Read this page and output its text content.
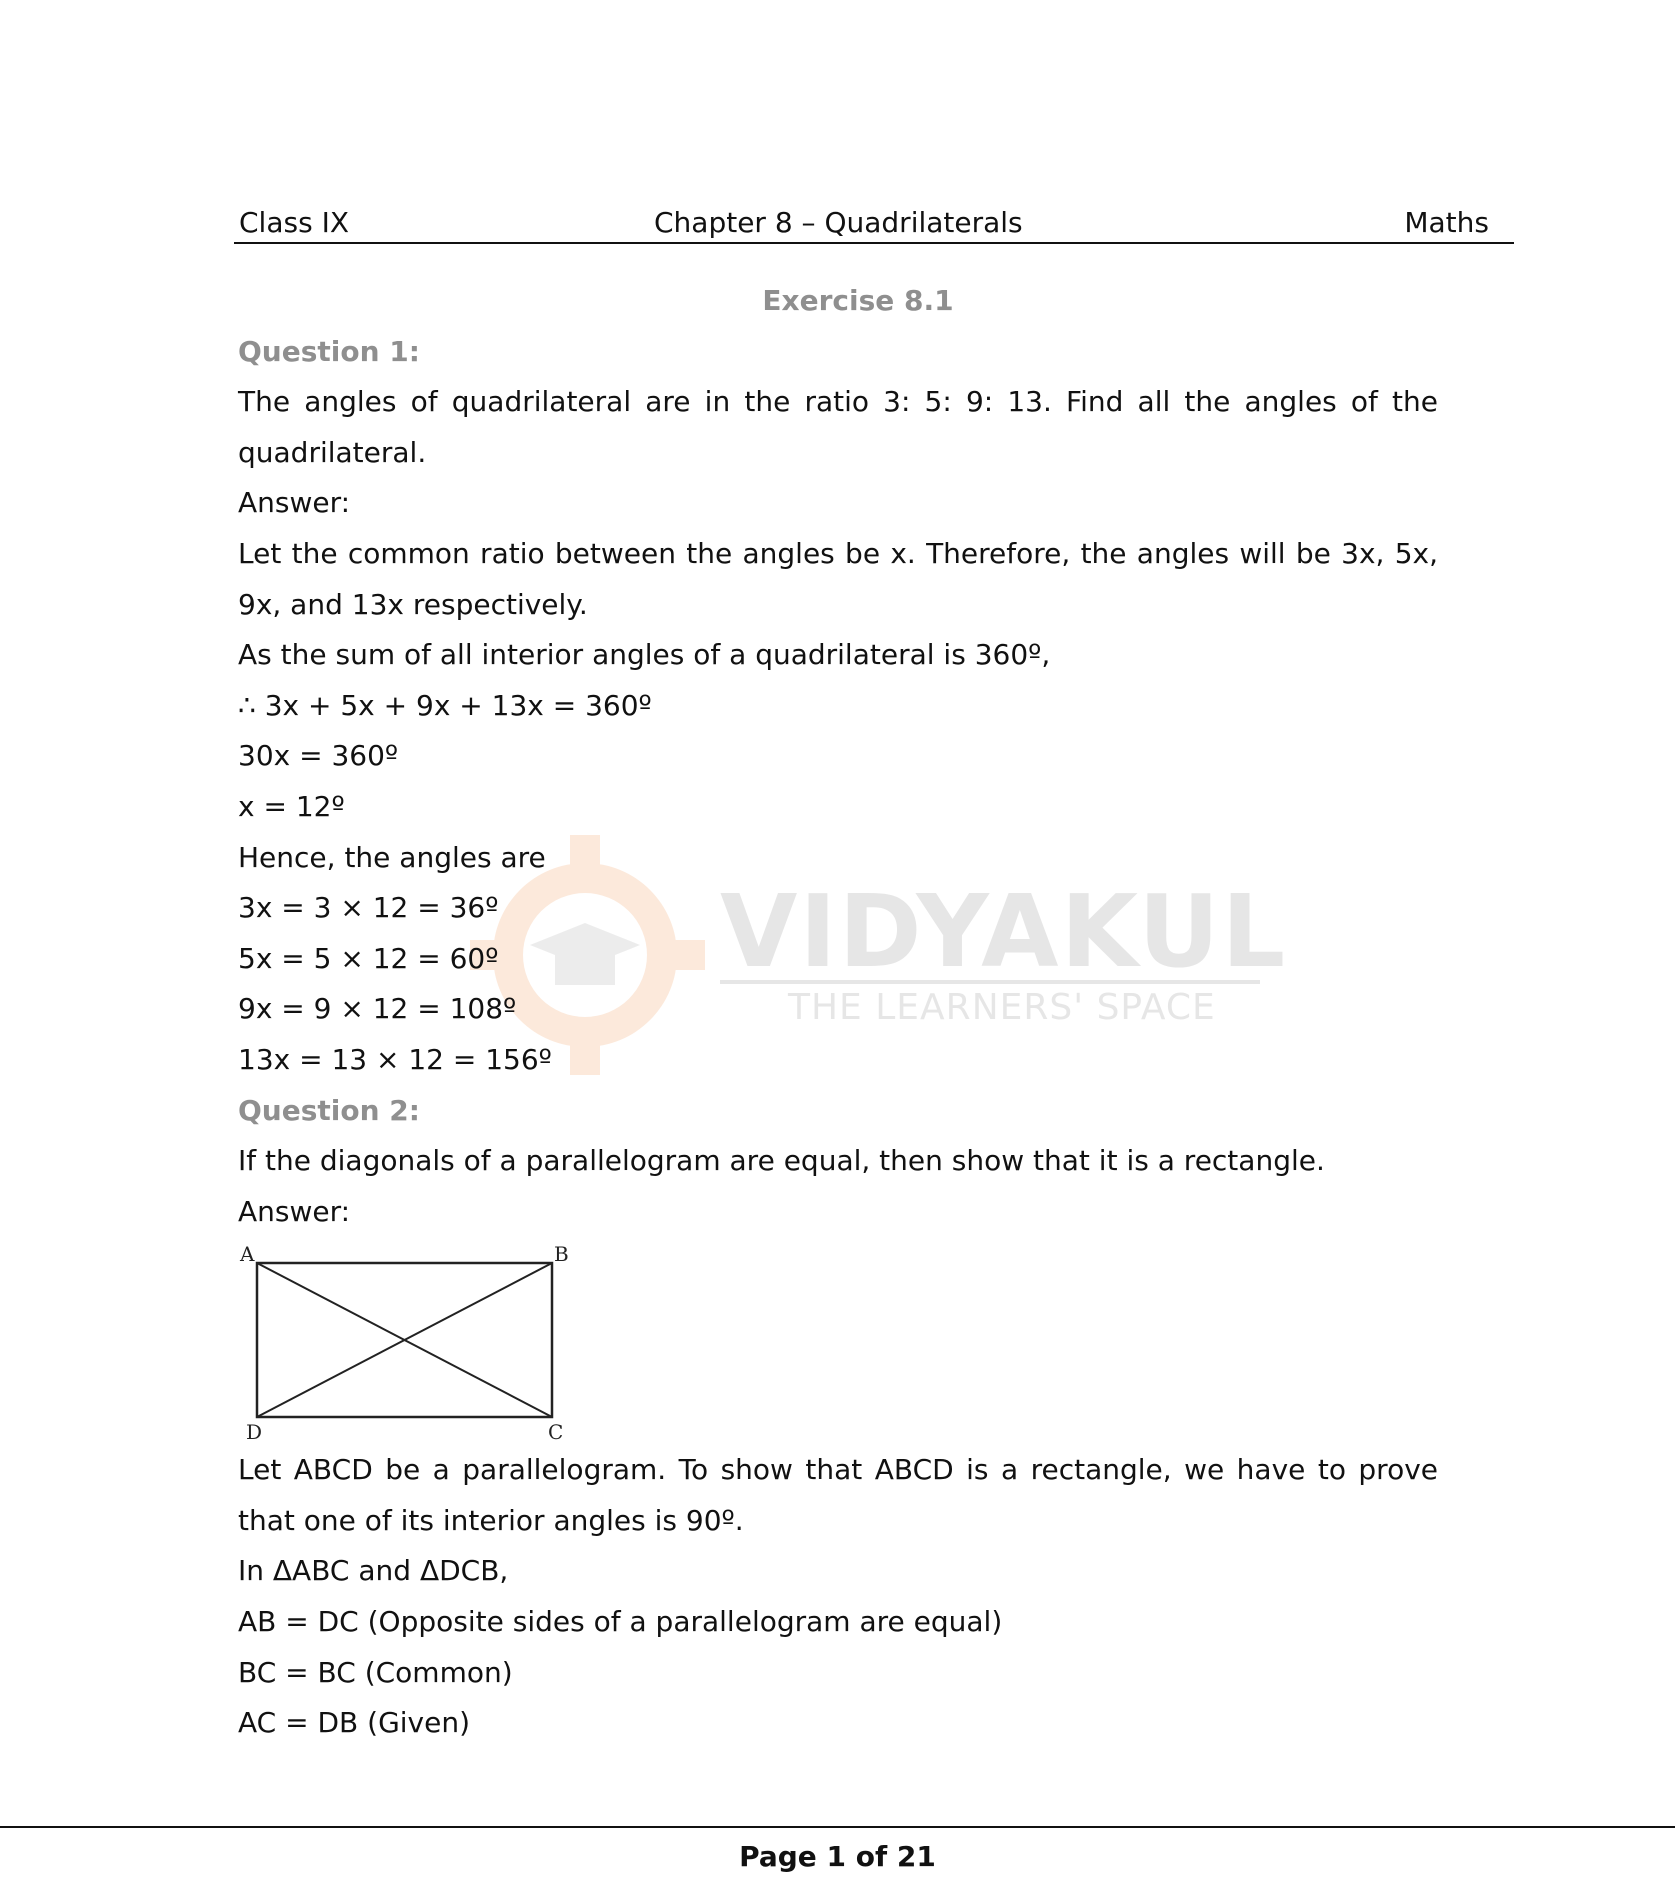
Class IX	Chapter 8 – Quadrilaterals	Maths
VIDYAKUL
THE LEARNERS' SPACE
Exercise 8.1
Question 1:
The angles of quadrilateral are in the ratio 3: 5: 9: 13. Find all the angles of the
quadrilateral.
Answer:
Let the common ratio between the angles be x. Therefore, the angles will be 3x, 5x,
9x, and 13x respectively.
As the sum of all interior angles of a quadrilateral is 360º,
∴ 3x + 5x + 9x + 13x = 360º
30x = 360º
x = 12º
Hence, the angles are
3x = 3 × 12 = 36º
5x = 5 × 12 = 60º
9x = 9 × 12 = 108º
13x = 13 × 12 = 156º
Question 2:
If the diagonals of a parallelogram are equal, then show that it is a rectangle.
Answer:
A	B
C
D
Let ABCD be a parallelogram. To show that ABCD is a rectangle, we have to prove
that one of its interior angles is 90º.
In ΔABC and ΔDCB,
AB = DC (Opposite sides of a parallelogram are equal)
BC = BC (Common)
AC = DB (Given)
Page 1 of 21
